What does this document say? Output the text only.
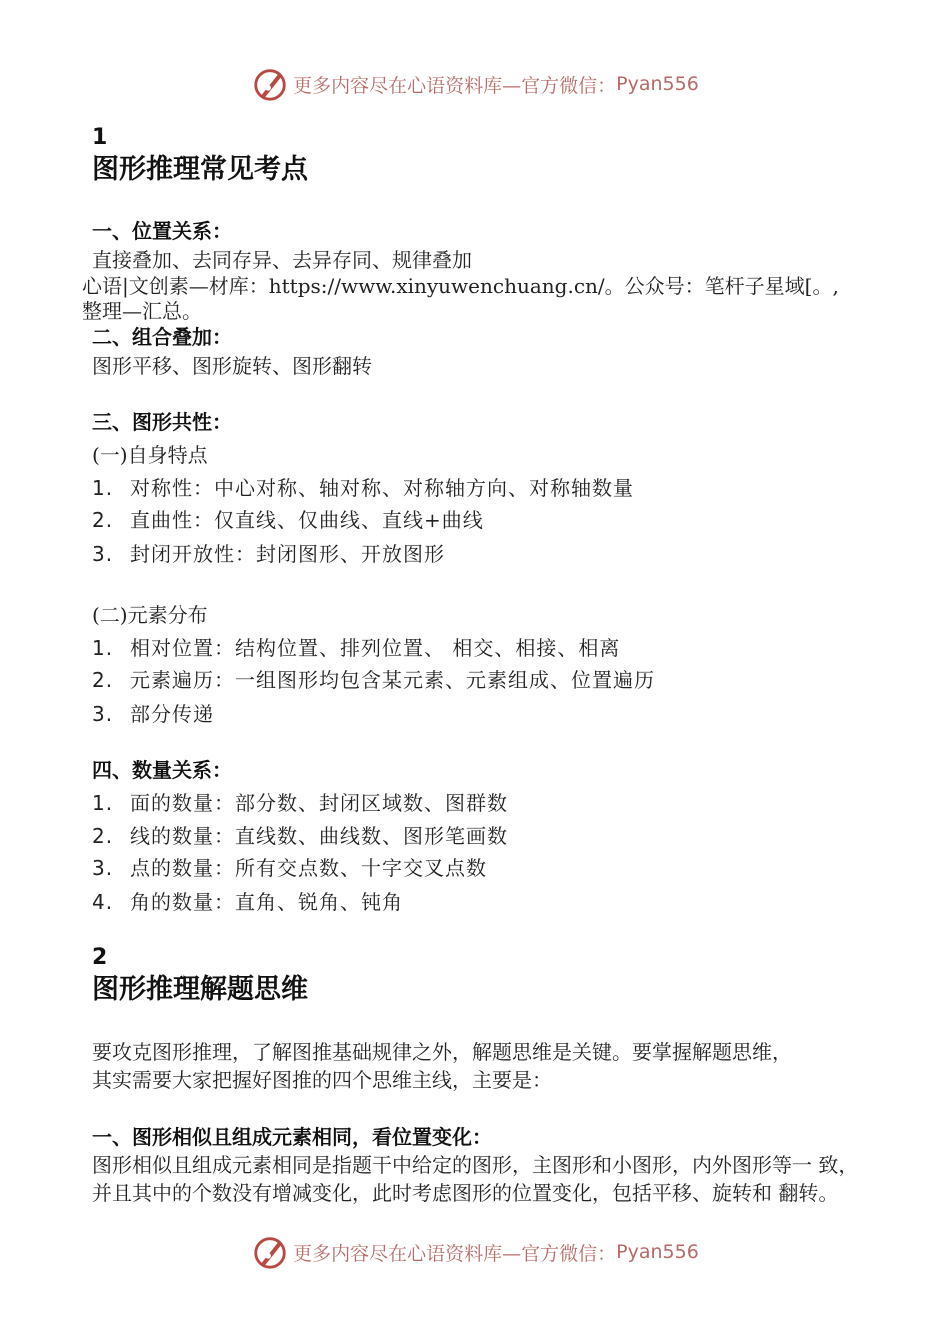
更多内容尽在心语资料库—官方微信： Pyan556
1
图形推理常见考点
一、位置关系：
直接叠加、去同存异、去异存同、规律叠加
心语|文创素—材库：https://www.xinyuwenchuang.cn/。公众号：笔杆子星域[。,
整理—汇总。
二、组合叠加：
图形平移、图形旋转、图形翻转
三、图形共性：
(一)自身特点
1. 对称性：中心对称、轴对称、对称轴方向、对称轴数量
2. 直曲性：仅直线、仅曲线、直线+曲线
3. 封闭开放性：封闭图形、开放图形
(二)元素分布
1. 相对位置：结构位置、排列位置、 相交、相接、相离
2. 元素遍历：一组图形均包含某元素、元素组成、位置遍历
3. 部分传递
四、数量关系：
1. 面的数量：部分数、封闭区域数、图群数
2. 线的数量：直线数、曲线数、图形笔画数
3. 点的数量：所有交点数、十字交叉点数
4. 角的数量：直角、锐角、钝角
2
图形推理解题思维
要攻克图形推理，了解图推基础规律之外，解题思维是关键。要掌握解题思维，
其实需要大家把握好图推的四个思维主线，主要是：
一、图形相似且组成元素相同，看位置变化：
图形相似且组成元素相同是指题干中给定的图形，主图形和小图形，内外图形等一 致，
并且其中的个数没有增减变化，此时考虑图形的位置变化，包括平移、旋转和 翻转。
更多内容尽在心语资料库—官方微信： Pyan556
